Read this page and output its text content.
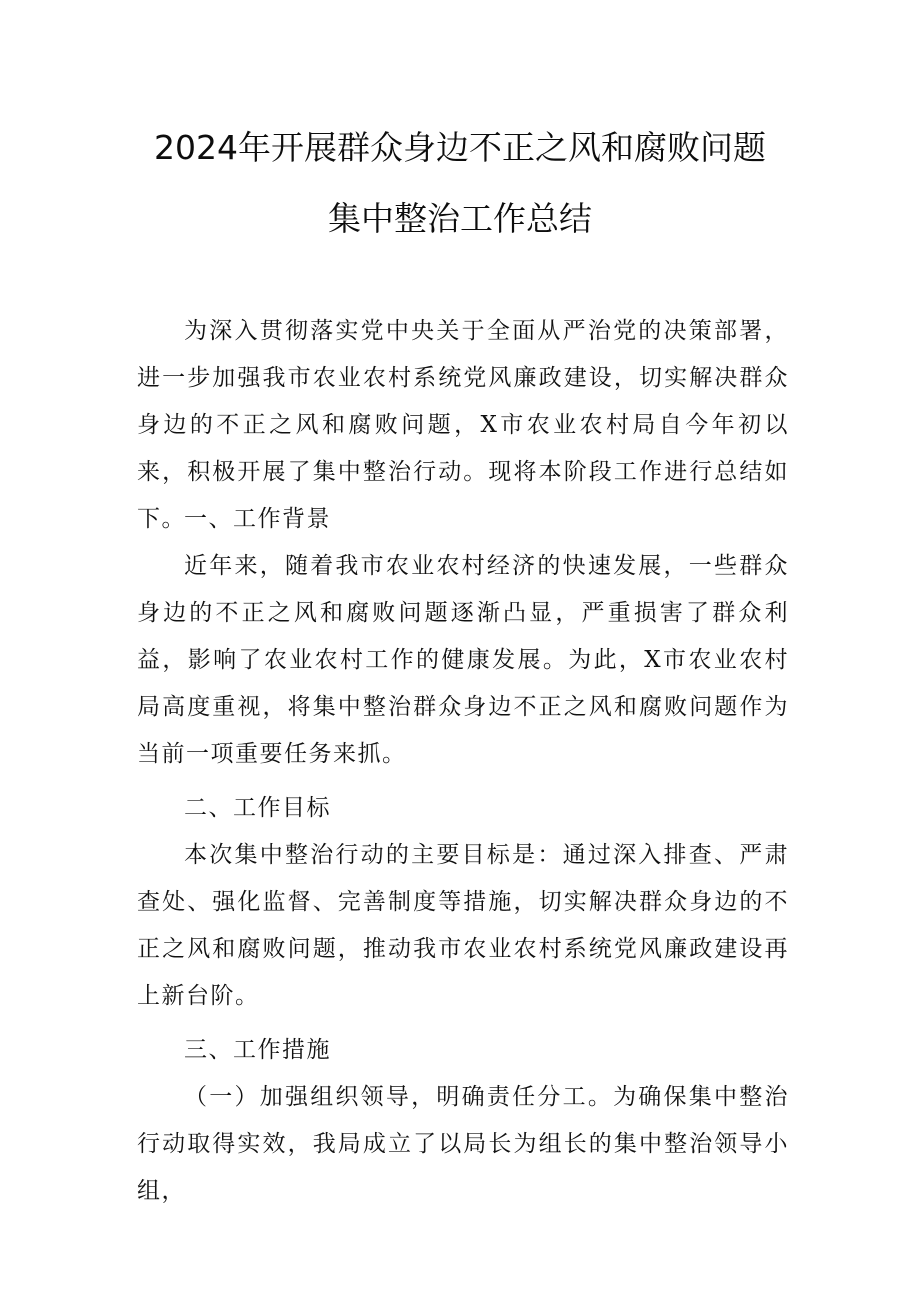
2024年开展群众身边不正之风和腐败问题
集中整治工作总结

为深入贯彻落实党中央关于全面从严治党的决策部署，进一步加强我市农业农村系统党风廉政建设，切实解决群众身边的不正之风和腐败问题，X市农业农村局自今年初以来，积极开展了集中整治行动。现将本阶段工作进行总结如下。

一、工作背景

近年来，随着我市农业农村经济的快速发展，一些群众身边的不正之风和腐败问题逐渐凸显，严重损害了群众利益，影响了农业农村工作的健康发展。为此，X市农业农村局高度重视，将集中整治群众身边不正之风和腐败问题作为当前一项重要任务来抓。

二、工作目标

本次集中整治行动的主要目标是：通过深入排查、严肃查处、强化监督、完善制度等措施，切实解决群众身边的不正之风和腐败问题，推动我市农业农村系统党风廉政建设再上新台阶。

三、工作措施

（一）加强组织领导，明确责任分工。为确保集中整治行动取得实效，我局成立了以局长为组长的集中整治领导小组，
